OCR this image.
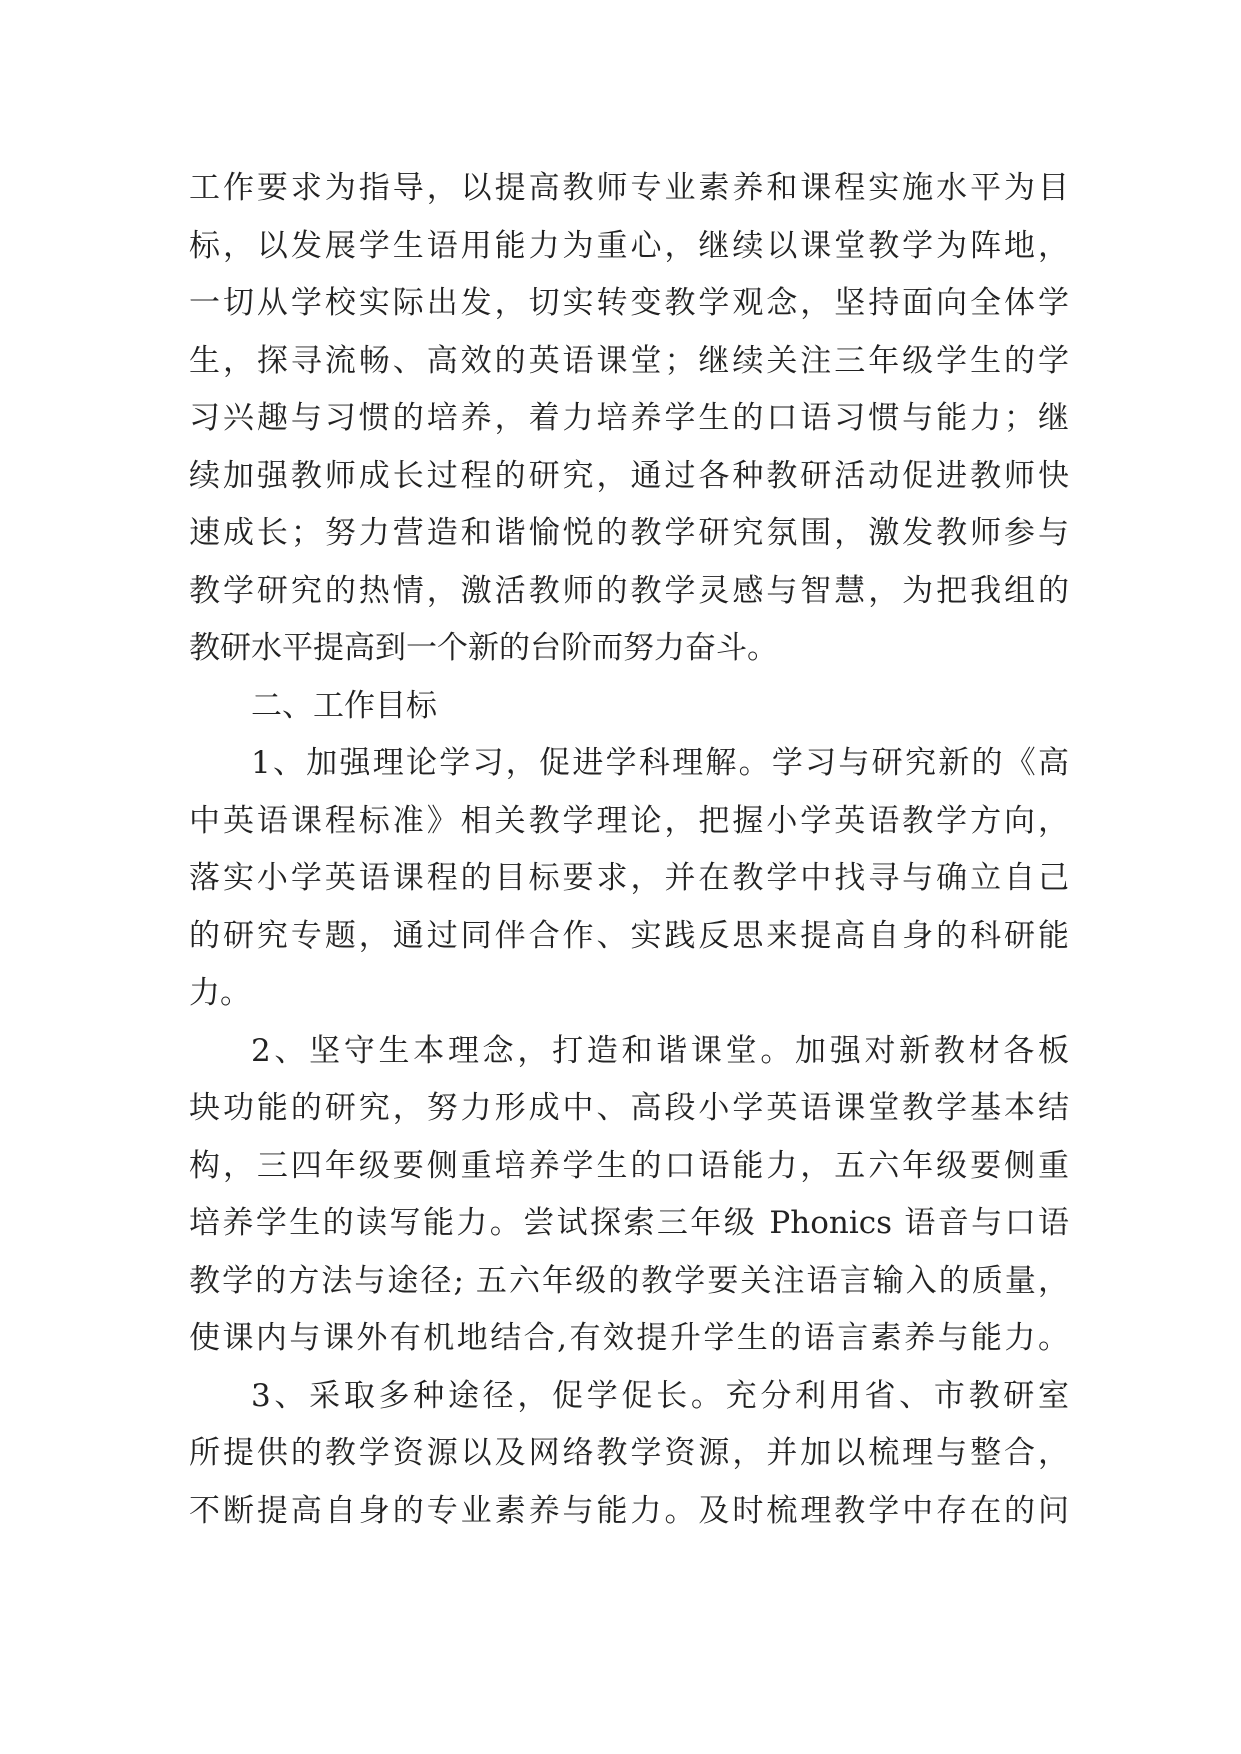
工作要求为指导，以提高教师专业素养和课程实施水平为目
标，以发展学生语用能力为重心，继续以课堂教学为阵地，
一切从学校实际出发，切实转变教学观念，坚持面向全体学
生，探寻流畅、高效的英语课堂；继续关注三年级学生的学
习兴趣与习惯的培养，着力培养学生的口语习惯与能力；继
续加强教师成长过程的研究，通过各种教研活动促进教师快
速成长；努力营造和谐愉悦的教学研究氛围，激发教师参与
教学研究的热情，激活教师的教学灵感与智慧，为把我组的
教研水平提高到一个新的台阶而努力奋斗。
二、工作目标
1、加强理论学习，促进学科理解。学习与研究新的《高
中英语课程标准》相关教学理论，把握小学英语教学方向，
落实小学英语课程的目标要求，并在教学中找寻与确立自己
的研究专题，通过同伴合作、实践反思来提高自身的科研能
力。
2、坚守生本理念，打造和谐课堂。加强对新教材各板
块功能的研究，努力形成中、高段小学英语课堂教学基本结
构，三四年级要侧重培养学生的口语能力，五六年级要侧重
培养学生的读写能力。尝试探索三年级 Phonics 语音与口语
教学的方法与途径; 五六年级的教学要关注语言输入的质量，
使课内与课外有机地结合,有效提升学生的语言素养与能力。
3、采取多种途径，促学促长。充分利用省、市教研室
所提供的教学资源以及网络教学资源，并加以梳理与整合，
不断提高自身的专业素养与能力。及时梳理教学中存在的问
